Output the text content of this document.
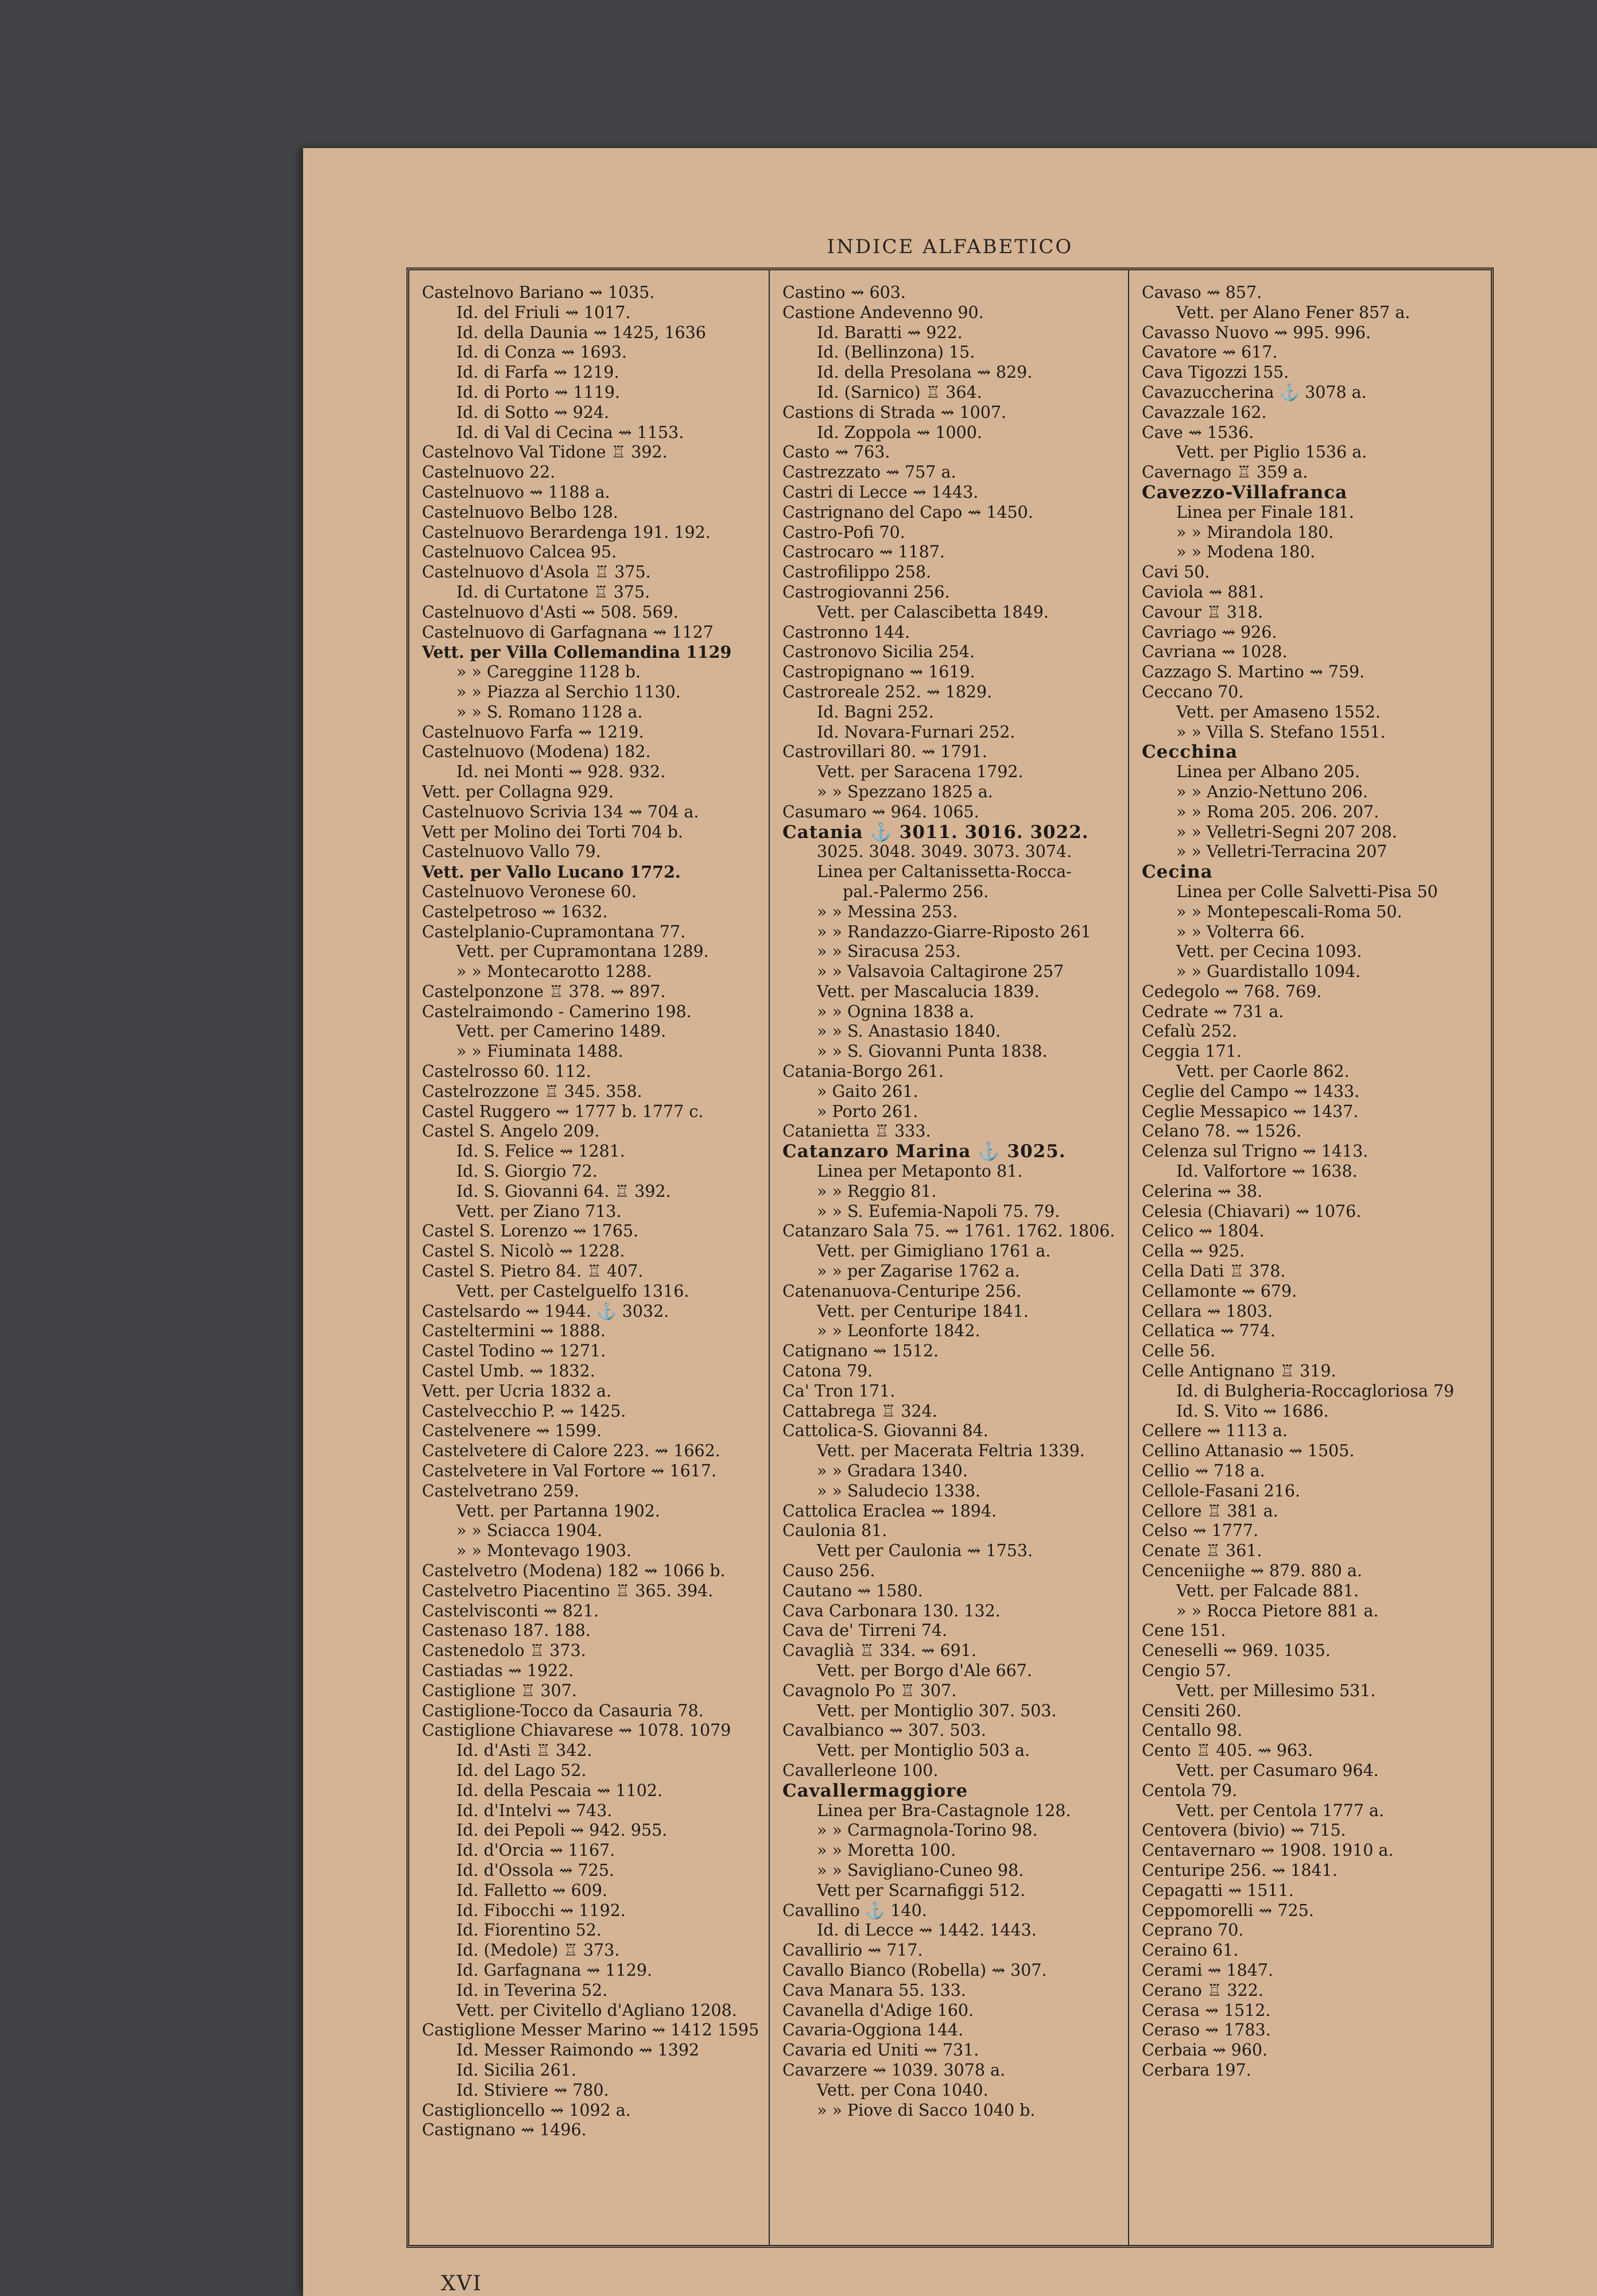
INDICE ALFABETICO
Castelnovo Bariano ⇝ 1035.
Id. del Friuli ⇝ 1017.
Id. della Daunia ⇝ 1425, 1636
Id. di Conza ⇝ 1693.
Id. di Farfa ⇝ 1219.
Id. di Porto ⇝ 1119.
Id. di Sotto ⇝ 924.
Id. di Val di Cecina ⇝ 1153.
Castelnovo Val Tidone ♖ 392.
Castelnuovo 22.
Castelnuovo ⇝ 1188 a.
Castelnuovo Belbo 128.
Castelnuovo Berardenga 191. 192.
Castelnuovo Calcea 95.
Castelnuovo d'Asola ♖ 375.
Id. di Curtatone ♖ 375.
Castelnuovo d'Asti ⇝ 508. 569.
Castelnuovo di Garfagnana ⇝ 1127
Vett. per Villa Collemandina 1129
» » Careggine 1128 b.
» » Piazza al Serchio 1130.
» » S. Romano 1128 a.
Castelnuovo Farfa ⇝ 1219.
Castelnuovo (Modena) 182.
Id. nei Monti ⇝ 928. 932.
Vett. per Collagna 929.
Castelnuovo Scrivia 134 ⇝ 704 a.
Vett per Molino dei Torti 704 b.
Castelnuovo Vallo 79.
Vett. per Vallo Lucano 1772.
Castelnuovo Veronese 60.
Castelpetroso ⇝ 1632.
Castelplanio-Cupramontana 77.
Vett. per Cupramontana 1289.
» » Montecarotto 1288.
Castelponzone ♖ 378. ⇝ 897.
Castelraimondo - Camerino 198.
Vett. per Camerino 1489.
» » Fiuminata 1488.
Castelrosso 60. 112.
Castelrozzone ♖ 345. 358.
Castel Ruggero ⇝ 1777 b. 1777 c.
Castel S. Angelo 209.
Id. S. Felice ⇝ 1281.
Id. S. Giorgio 72.
Id. S. Giovanni 64. ♖ 392.
Vett. per Ziano 713.
Castel S. Lorenzo ⇝ 1765.
Castel S. Nicolò ⇝ 1228.
Castel S. Pietro 84. ♖ 407.
Vett. per Castelguelfo 1316.
Castelsardo ⇝ 1944. ⚓ 3032.
Casteltermini ⇝ 1888.
Castel Todino ⇝ 1271.
Castel Umb. ⇝ 1832.
Vett. per Ucria 1832 a.
Castelvecchio P. ⇝ 1425.
Castelvenere ⇝ 1599.
Castelvetere di Calore 223. ⇝ 1662.
Castelvetere in Val Fortore ⇝ 1617.
Castelvetrano 259.
Vett. per Partanna 1902.
» » Sciacca 1904.
» » Montevago 1903.
Castelvetro (Modena) 182 ⇝ 1066 b.
Castelvetro Piacentino ♖ 365. 394.
Castelvisconti ⇝ 821.
Castenaso 187. 188.
Castenedolo ♖ 373.
Castiadas ⇝ 1922.
Castiglione ♖ 307.
Castiglione-Tocco da Casauria 78.
Castiglione Chiavarese ⇝ 1078. 1079
Id. d'Asti ♖ 342.
Id. del Lago 52.
Id. della Pescaia ⇝ 1102.
Id. d'Intelvi ⇝ 743.
Id. dei Pepoli ⇝ 942. 955.
Id. d'Orcia ⇝ 1167.
Id. d'Ossola ⇝ 725.
Id. Falletto ⇝ 609.
Id. Fibocchi ⇝ 1192.
Id. Fiorentino 52.
Id. (Medole) ♖ 373.
Id. Garfagnana ⇝ 1129.
Id. in Teverina 52.
Vett. per Civitello d'Agliano 1208.
Castiglione Messer Marino ⇝ 1412 1595
Id. Messer Raimondo ⇝ 1392
Id. Sicilia 261.
Id. Stiviere ⇝ 780.
Castiglioncello ⇝ 1092 a.
Castignano ⇝ 1496.
Castino ⇝ 603.
Castione Andevenno 90.
Id. Baratti ⇝ 922.
Id. (Bellinzona) 15.
Id. della Presolana ⇝ 829.
Id. (Sarnico) ♖ 364.
Castions di Strada ⇝ 1007.
Id. Zoppola ⇝ 1000.
Casto ⇝ 763.
Castrezzato ⇝ 757 a.
Castri di Lecce ⇝ 1443.
Castrignano del Capo ⇝ 1450.
Castro-Pofi 70.
Castrocaro ⇝ 1187.
Castrofilippo 258.
Castrogiovanni 256.
Vett. per Calascibetta 1849.
Castronno 144.
Castronovo Sicilia 254.
Castropignano ⇝ 1619.
Castroreale 252. ⇝ 1829.
Id. Bagni 252.
Id. Novara-Furnari 252.
Castrovillari 80. ⇝ 1791.
Vett. per Saracena 1792.
» » Spezzano 1825 a.
Casumaro ⇝ 964. 1065.
Catania ⚓ 3011. 3016. 3022.
3025. 3048. 3049. 3073. 3074.
Linea per Caltanissetta-Rocca-
pal.-Palermo 256.
» » Messina 253.
» » Randazzo-Giarre-Riposto 261
» » Siracusa 253.
» » Valsavoia Caltagirone 257
Vett. per Mascalucia 1839.
» » Ognina 1838 a.
» » S. Anastasio 1840.
» » S. Giovanni Punta 1838.
Catania-Borgo 261.
» Gaito 261.
» Porto 261.
Catanietta ♖ 333.
Catanzaro Marina ⚓ 3025.
Linea per Metaponto 81.
» » Reggio 81.
» » S. Eufemia-Napoli 75. 79.
Catanzaro Sala 75. ⇝ 1761. 1762. 1806.
Vett. per Gimigliano 1761 a.
» » per Zagarise 1762 a.
Catenanuova-Centuripe 256.
Vett. per Centuripe 1841.
» » Leonforte 1842.
Catignano ⇝ 1512.
Catona 79.
Ca' Tron 171.
Cattabrega ♖ 324.
Cattolica-S. Giovanni 84.
Vett. per Macerata Feltria 1339.
» » Gradara 1340.
» » Saludecio 1338.
Cattolica Eraclea ⇝ 1894.
Caulonia 81.
Vett per Caulonia ⇝ 1753.
Causo 256.
Cautano ⇝ 1580.
Cava Carbonara 130. 132.
Cava de' Tirreni 74.
Cavaglià ♖ 334. ⇝ 691.
Vett. per Borgo d'Ale 667.
Cavagnolo Po ♖ 307.
Vett. per Montiglio 307. 503.
Cavalbianco ⇝ 307. 503.
Vett. per Montiglio 503 a.
Cavallerleone 100.
Cavallermaggiore
Linea per Bra-Castagnole 128.
» » Carmagnola-Torino 98.
» » Moretta 100.
» » Savigliano-Cuneo 98.
Vett per Scarnafiggi 512.
Cavallino ⚓ 140.
Id. di Lecce ⇝ 1442. 1443.
Cavallirio ⇝ 717.
Cavallo Bianco (Robella) ⇝ 307.
Cava Manara 55. 133.
Cavanella d'Adige 160.
Cavaria-Oggiona 144.
Cavaria ed Uniti ⇝ 731.
Cavarzere ⇝ 1039. 3078 a.
Vett. per Cona 1040.
» » Piove di Sacco 1040 b.
Cavaso ⇝ 857.
Vett. per Alano Fener 857 a.
Cavasso Nuovo ⇝ 995. 996.
Cavatore ⇝ 617.
Cava Tigozzi 155.
Cavazuccherina ⚓ 3078 a.
Cavazzale 162.
Cave ⇝ 1536.
Vett. per Piglio 1536 a.
Cavernago ♖ 359 a.
Cavezzo-Villafranca
Linea per Finale 181.
» » Mirandola 180.
» » Modena 180.
Cavi 50.
Caviola ⇝ 881.
Cavour ♖ 318.
Cavriago ⇝ 926.
Cavriana ⇝ 1028.
Cazzago S. Martino ⇝ 759.
Ceccano 70.
Vett. per Amaseno 1552.
» » Villa S. Stefano 1551.
Cecchina
Linea per Albano 205.
» » Anzio-Nettuno 206.
» » Roma 205. 206. 207.
» » Velletri-Segni 207 208.
» » Velletri-Terracina 207
Cecina
Linea per Colle Salvetti-Pisa 50
» » Montepescali-Roma 50.
» » Volterra 66.
Vett. per Cecina 1093.
» » Guardistallo 1094.
Cedegolo ⇝ 768. 769.
Cedrate ⇝ 731 a.
Cefalù 252.
Ceggia 171.
Vett. per Caorle 862.
Ceglie del Campo ⇝ 1433.
Ceglie Messapico ⇝ 1437.
Celano 78. ⇝ 1526.
Celenza sul Trigno ⇝ 1413.
Id. Valfortore ⇝ 1638.
Celerina ⇝ 38.
Celesia (Chiavari) ⇝ 1076.
Celico ⇝ 1804.
Cella ⇝ 925.
Cella Dati ♖ 378.
Cellamonte ⇝ 679.
Cellara ⇝ 1803.
Cellatica ⇝ 774.
Celle 56.
Celle Antignano ♖ 319.
Id. di Bulgheria-Roccagloriosa 79
Id. S. Vito ⇝ 1686.
Cellere ⇝ 1113 a.
Cellino Attanasio ⇝ 1505.
Cellio ⇝ 718 a.
Cellole-Fasani 216.
Cellore ♖ 381 a.
Celso ⇝ 1777.
Cenate ♖ 361.
Cenceniighe ⇝ 879. 880 a.
Vett. per Falcade 881.
» » Rocca Pietore 881 a.
Cene 151.
Ceneselli ⇝ 969. 1035.
Cengio 57.
Vett. per Millesimo 531.
Censiti 260.
Centallo 98.
Cento ♖ 405. ⇝ 963.
Vett. per Casumaro 964.
Centola 79.
Vett. per Centola 1777 a.
Centovera (bivio) ⇝ 715.
Centavernaro ⇝ 1908. 1910 a.
Centuripe 256. ⇝ 1841.
Cepagatti ⇝ 1511.
Ceppomorelli ⇝ 725.
Ceprano 70.
Ceraino 61.
Cerami ⇝ 1847.
Cerano ♖ 322.
Cerasa ⇝ 1512.
Ceraso ⇝ 1783.
Cerbaia ⇝ 960.
Cerbara 197.
XVI
